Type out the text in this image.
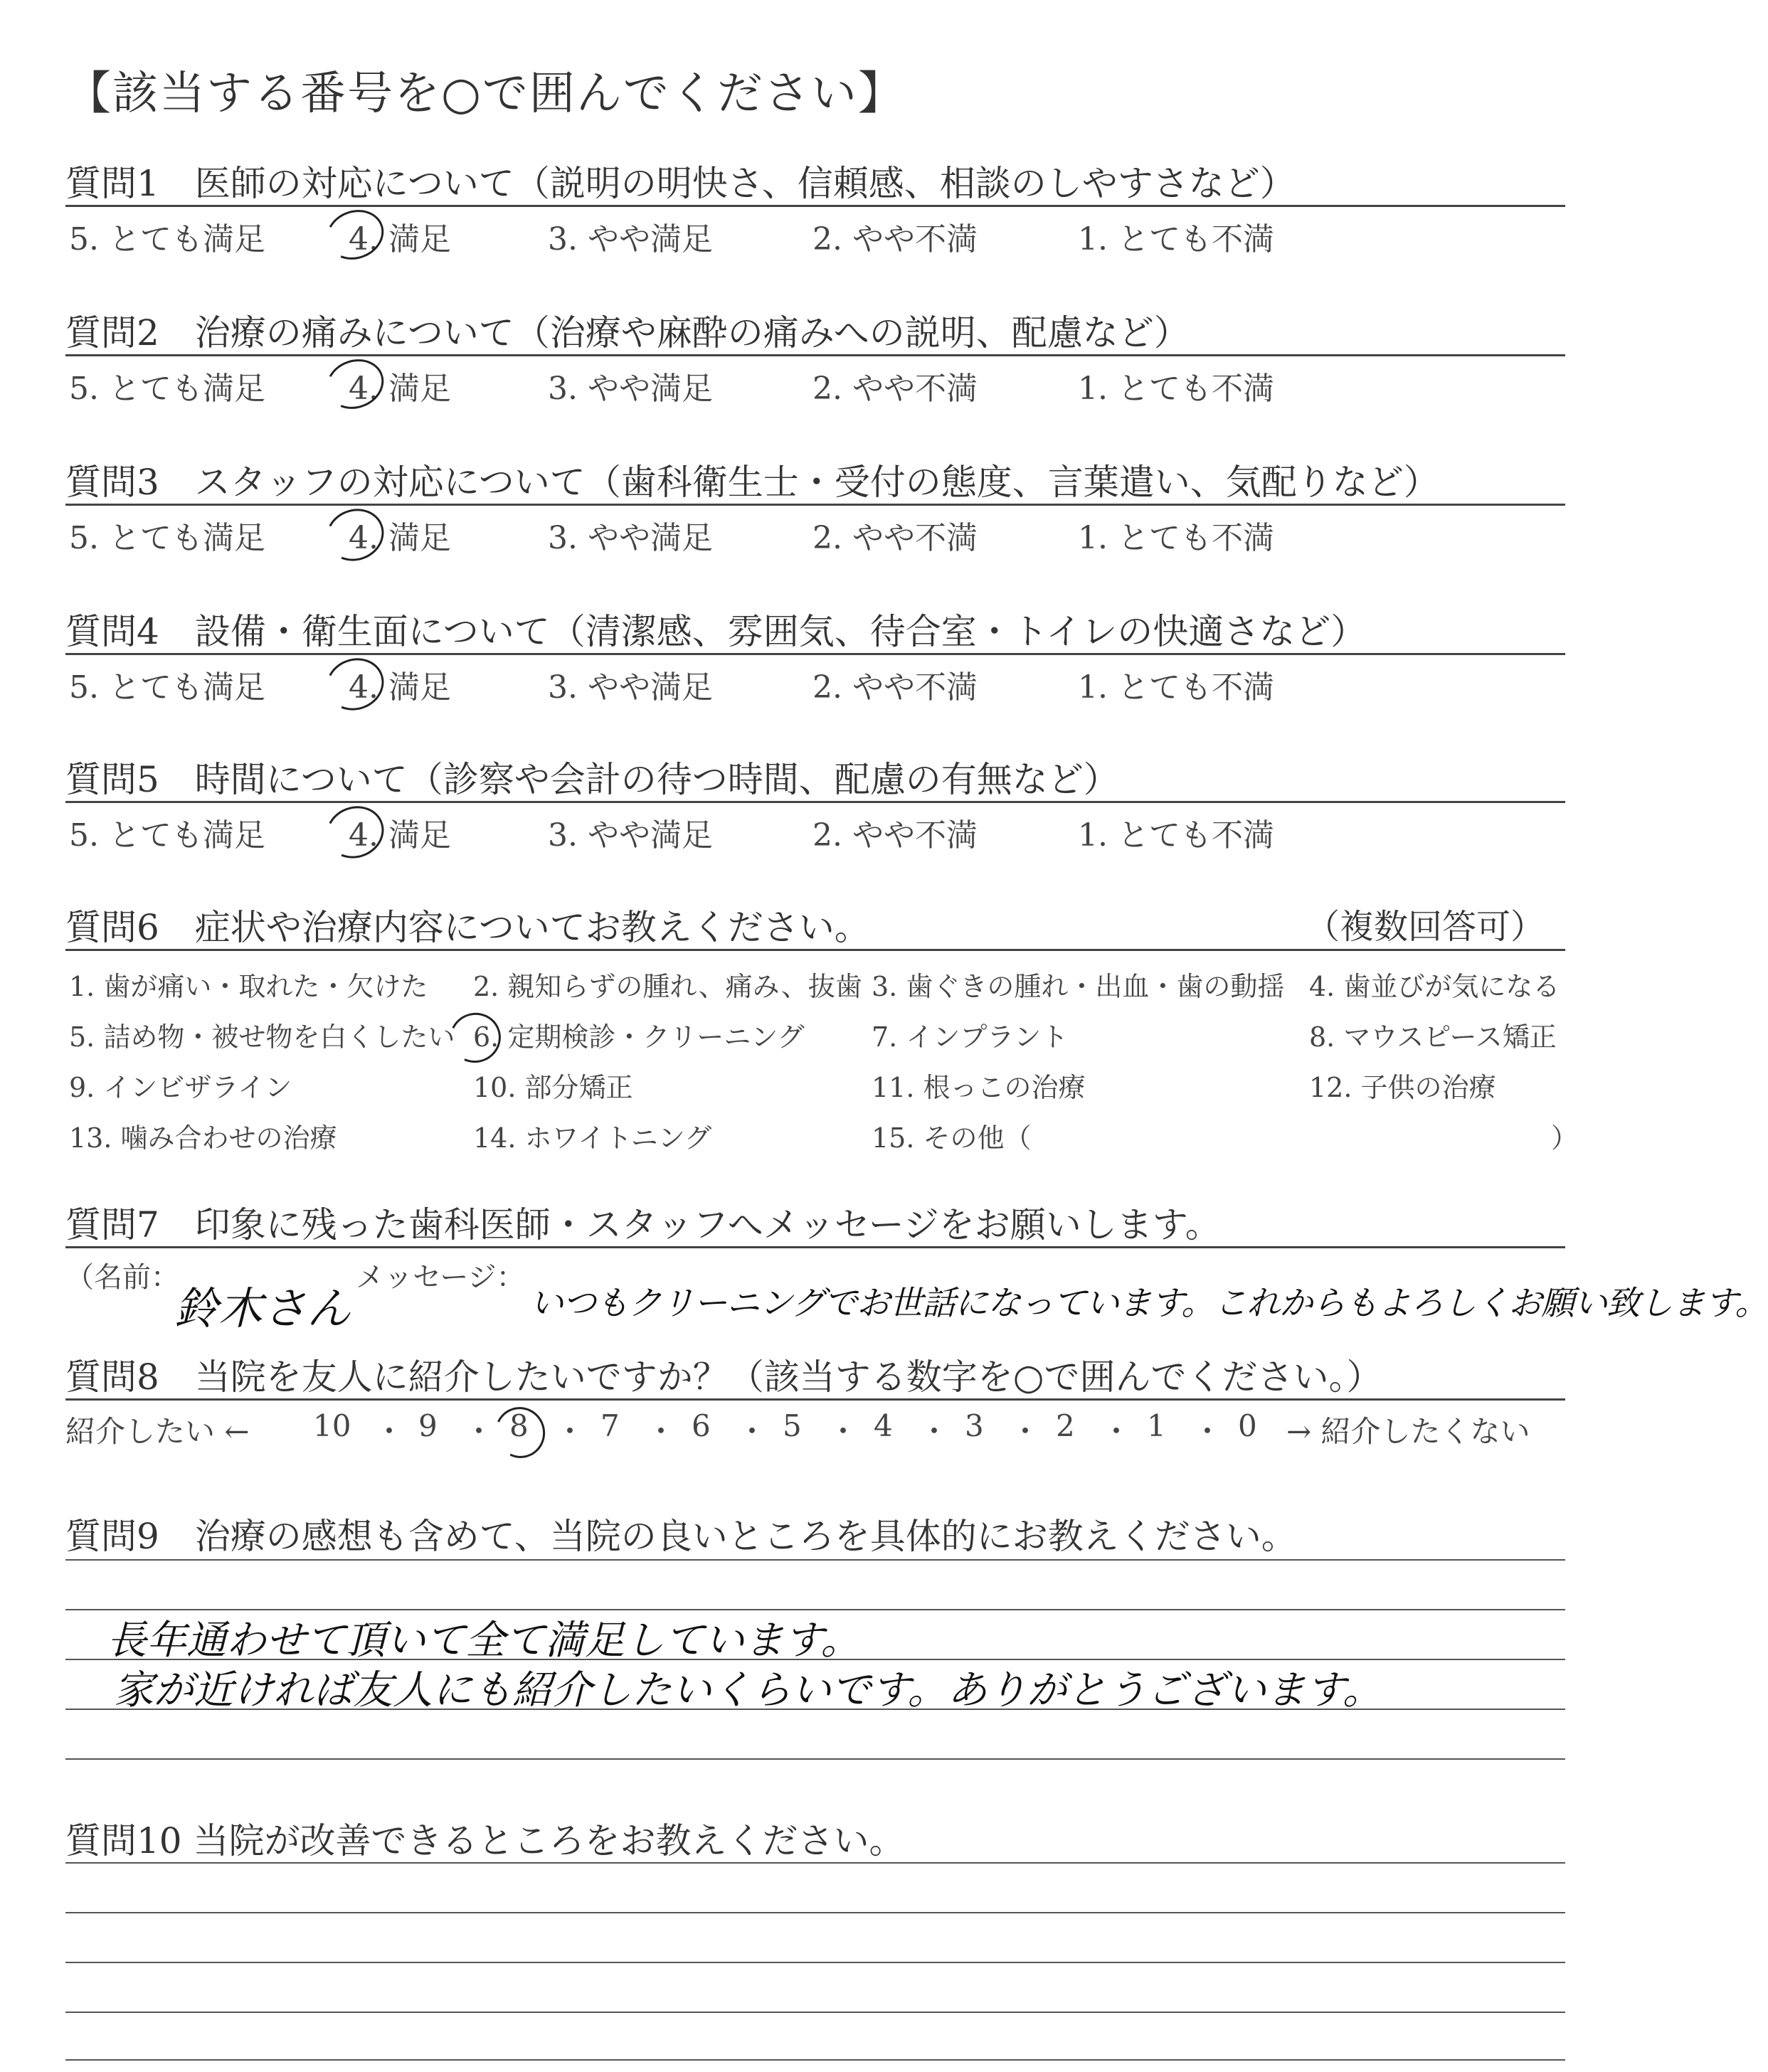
【該当する番号を○で囲んでください】
質問1　医師の対応について（説明の明快さ、信頼感、相談のしやすさなど）
5. とても満足	4. 満足	3. やや満足	2. やや不満	1. とても不満
質問2　治療の痛みについて（治療や麻酔の痛みへの説明、配慮など）
5. とても満足	4. 満足	3. やや満足	2. やや不満	1. とても不満
質問3　スタッフの対応について（歯科衛生士・受付の態度、言葉遣い、気配りなど）
5. とても満足	4. 満足	3. やや満足	2. やや不満	1. とても不満
質問4　設備・衛生面について（清潔感、雰囲気、待合室・トイレの快適さなど）
5. とても満足	4. 満足	3. やや満足	2. やや不満	1. とても不満
質問5　時間について（診察や会計の待つ時間、配慮の有無など）
5. とても満足	4. 満足	3. やや満足	2. やや不満	1. とても不満
質問6　症状や治療内容についてお教えください。	（複数回答可）
1. 歯が痛い・取れた・欠けた 2. 親知らずの腫れ、痛み、抜歯 3. 歯ぐきの腫れ・出血・歯の動揺 4. 歯並びが気になる
5. 詰め物・被せ物を白くしたい 6. 定期検診・クリーニング 7. インプラント	8. マウスピース矯正
9. インビザライン	10. 部分矯正	11. 根っこの治療	12. 子供の治療
13. 噛み合わせの治療	14. ホワイトニング	15. その他（	）
質問7　印象に残った歯科医師・スタッフへメッセージをお願いします。
（名前：
鈴木さん
メッセージ：
いつもクリーニングでお世話になっています。これからもよろしくお願い致します。
質問8　当院を友人に紹介したいですか？（該当する数字を○で囲んでください。）
紹介したい ← 10 ・ 9 ・ 8 ・ 7 ・ 6 ・ 5 ・ 4 ・ 3 ・ 2 ・ 1 ・ 0 → 紹介したくない
質問9　治療の感想も含めて、当院の良いところを具体的にお教えください。
長年通わせて頂いて全て満足しています。
家が近ければ友人にも紹介したいくらいです。ありがとうございます。
質問10 当院が改善できるところをお教えください。
